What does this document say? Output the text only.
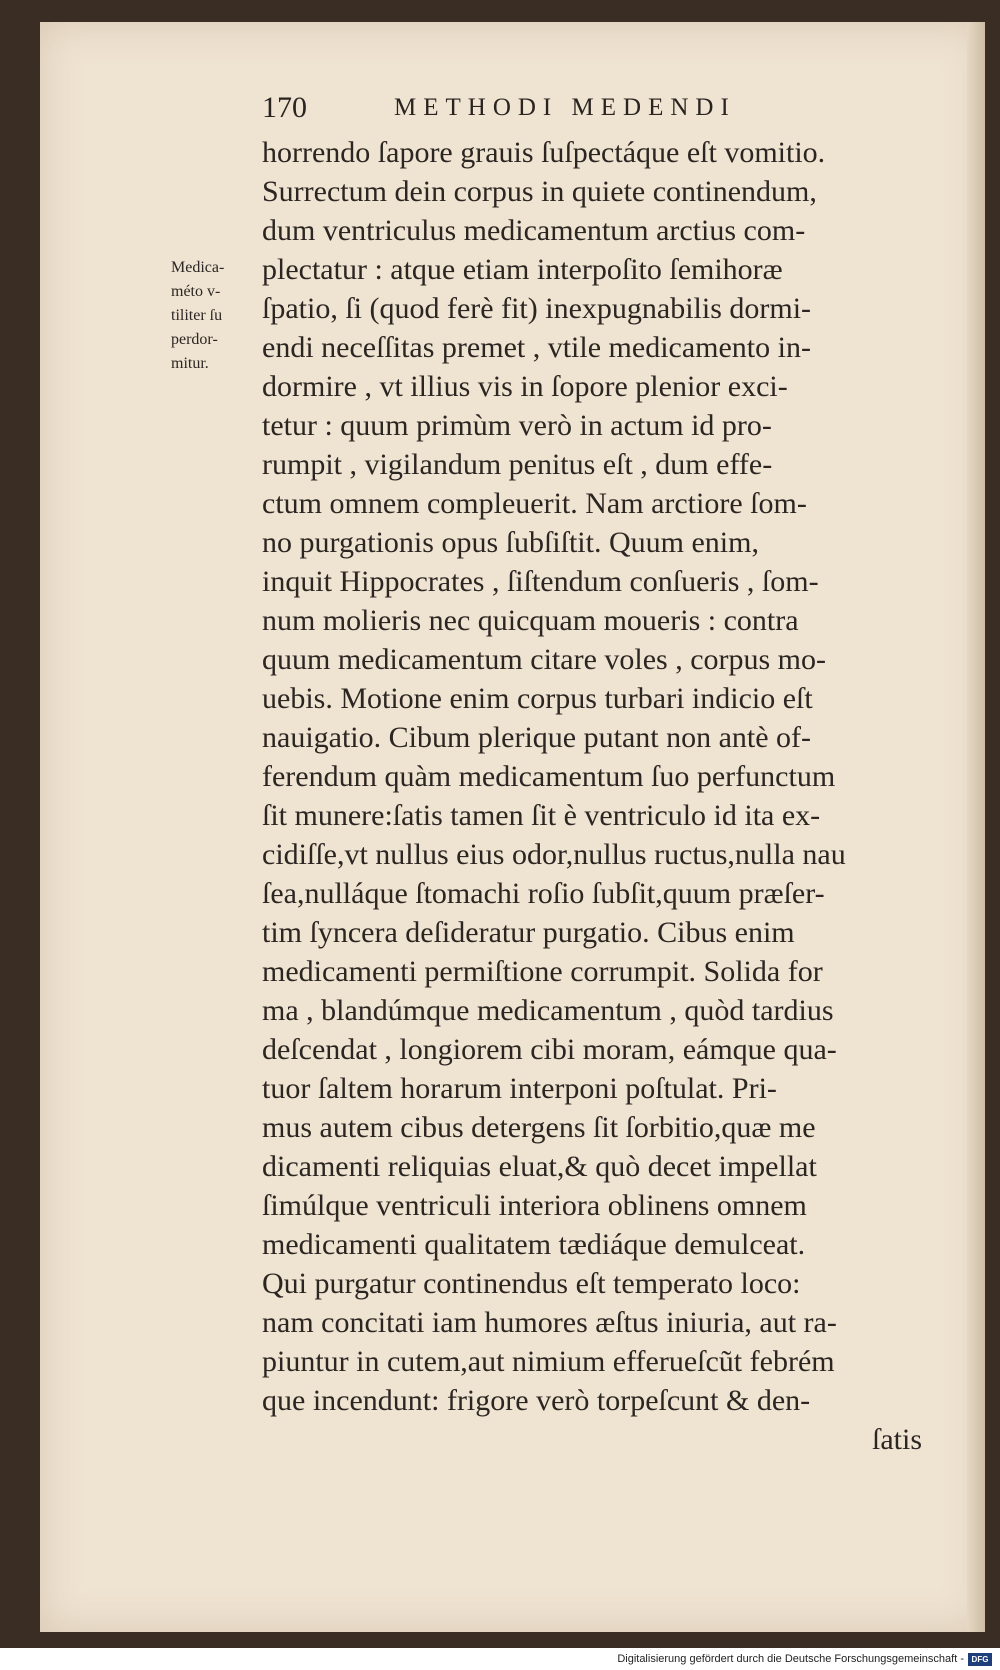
170	METHODI MEDENDI
Medica-
méto v-
tiliter ſu
perdor-
mitur.
horrendo ſapore grauis ſuſpectáque eſt vomitio.
Surrectum dein corpus in quiete continendum,
dum ventriculus medicamentum arctius com-
plectatur : atque etiam interpoſito ſemihoræ
ſpatio, ſi (quod ferè fit) inexpugnabilis dormi-
endi neceſſitas premet , vtile medicamento in-
dormire , vt illius vis in ſopore plenior exci-
tetur : quum primùm verò in actum id pro-
rumpit , vigilandum penitus eſt , dum effe-
ctum omnem compleuerit. Nam arctiore ſom-
no purgationis opus ſubſiſtit. Quum enim,
inquit Hippocrates , ſiſtendum conſueris , ſom-
num molieris nec quicquam moueris : contra
quum medicamentum citare voles , corpus mo-
uebis. Motione enim corpus turbari indicio eſt
nauigatio. Cibum plerique putant non antè of-
ferendum quàm medicamentum ſuo perfunctum
ſit munere:ſatis tamen ſit è ventriculo id ita ex-
cidiſſe,vt nullus eius odor,nullus ructus,nulla nau
ſea,nulláque ſtomachi roſio ſubſit,quum præſer-
tim ſyncera deſideratur purgatio. Cibus enim
medicamenti permiſtione corrumpit. Solida for
ma , blandúmque medicamentum , quòd tardius
deſcendat , longiorem cibi moram, eámque qua-
tuor ſaltem horarum interponi poſtulat. Pri-
mus autem cibus detergens ſit ſorbitio,quæ me
dicamenti reliquias eluat,& quò decet impellat
ſimúlque ventriculi interiora oblinens omnem
medicamenti qualitatem tædiáque demulceat.
Qui purgatur continendus eſt temperato loco:
nam concitati iam humores æſtus iniuria, aut ra-
piuntur in cutem,aut nimium efferueſcũt febrém
que incendunt: frigore verò torpeſcunt & den-
ſatis
Digitalisierung gefördert durch die Deutsche Forschungsgemeinschaft - DFG
